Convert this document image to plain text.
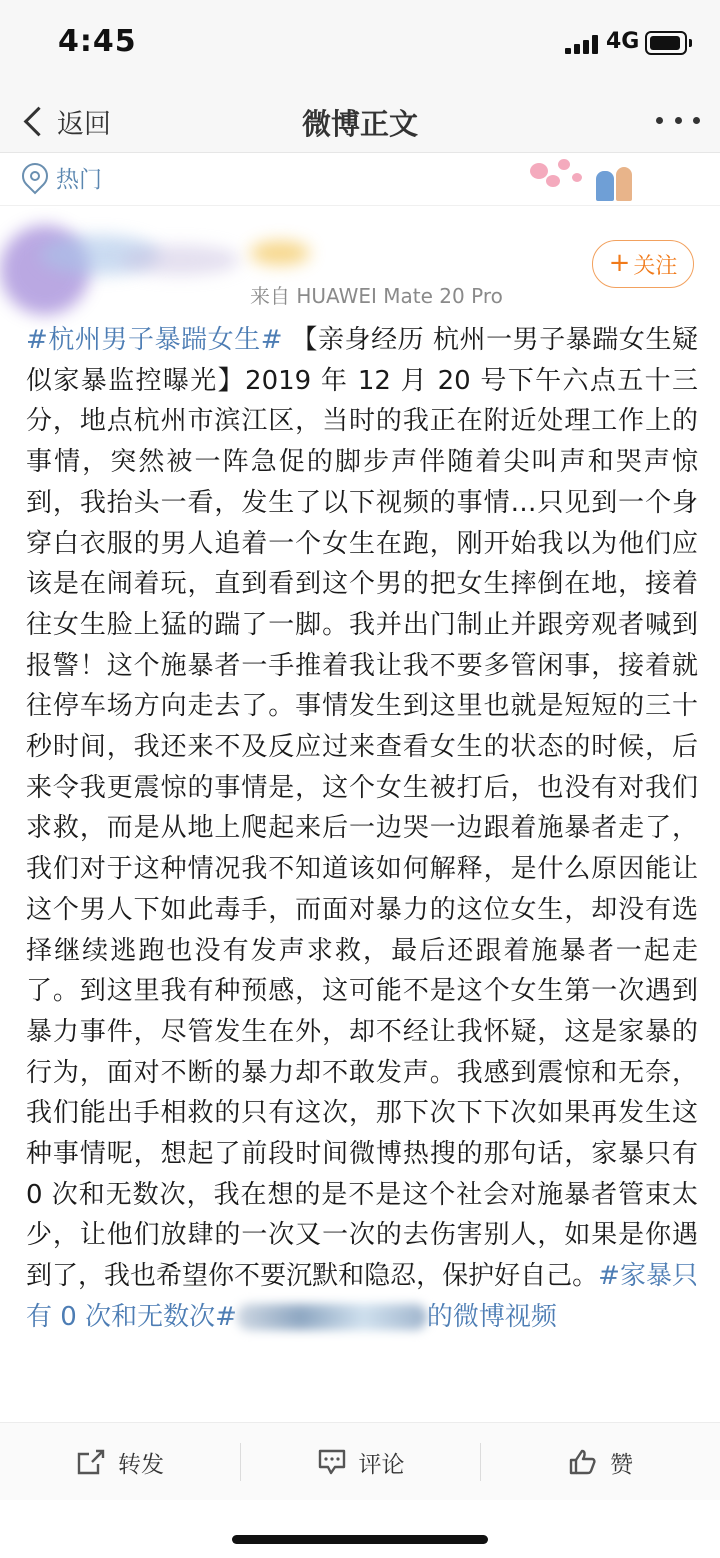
4:45	4G
返回	微博正文
热门
来自 HUAWEI Mate 20 Pro
+ 关注

#杭州男子暴踹女生# 【亲身经历 杭州一男子暴踹女生疑似家暴监控曝光】2019 年 12 月 20 号下午六点五十三分，地点杭州市滨江区，当时的我正在附近处理工作上的事情，突然被一阵急促的脚步声伴随着尖叫声和哭声惊到，我抬头一看，发生了以下视频的事情…只见到一个身穿白衣服的男人追着一个女生在跑，刚开始我以为他们应该是在闹着玩，直到看到这个男的把女生摔倒在地，接着往女生脸上猛的踹了一脚。我并出门制止并跟旁观者喊到报警！这个施暴者一手推着我让我不要多管闲事，接着就往停车场方向走去了。事情发生到这里也就是短短的三十秒时间，我还来不及反应过来查看女生的状态的时候，后来令我更震惊的事情是，这个女生被打后，也没有对我们求救，而是从地上爬起来后一边哭一边跟着施暴者走了，我们对于这种情况我不知道该如何解释，是什么原因能让这个男人下如此毒手，而面对暴力的这位女生，却没有选择继续逃跑也没有发声求救，最后还跟着施暴者一起走了。到这里我有种预感，这可能不是这个女生第一次遇到暴力事件，尽管发生在外，却不经让我怀疑，这是家暴的行为，面对不断的暴力却不敢发声。我感到震惊和无奈，我们能出手相救的只有这次，那下次下下次如果再发生这种事情呢，想起了前段时间微博热搜的那句话，家暴只有 0 次和无数次，我在想的是不是这个社会对施暴者管束太少，让他们放肆的一次又一次的去伤害别人，如果是你遇到了，我也希望你不要沉默和隐忍，保护好自己。#家暴只有 0 次和无数次#	的微博视频

转发	评论	赞
